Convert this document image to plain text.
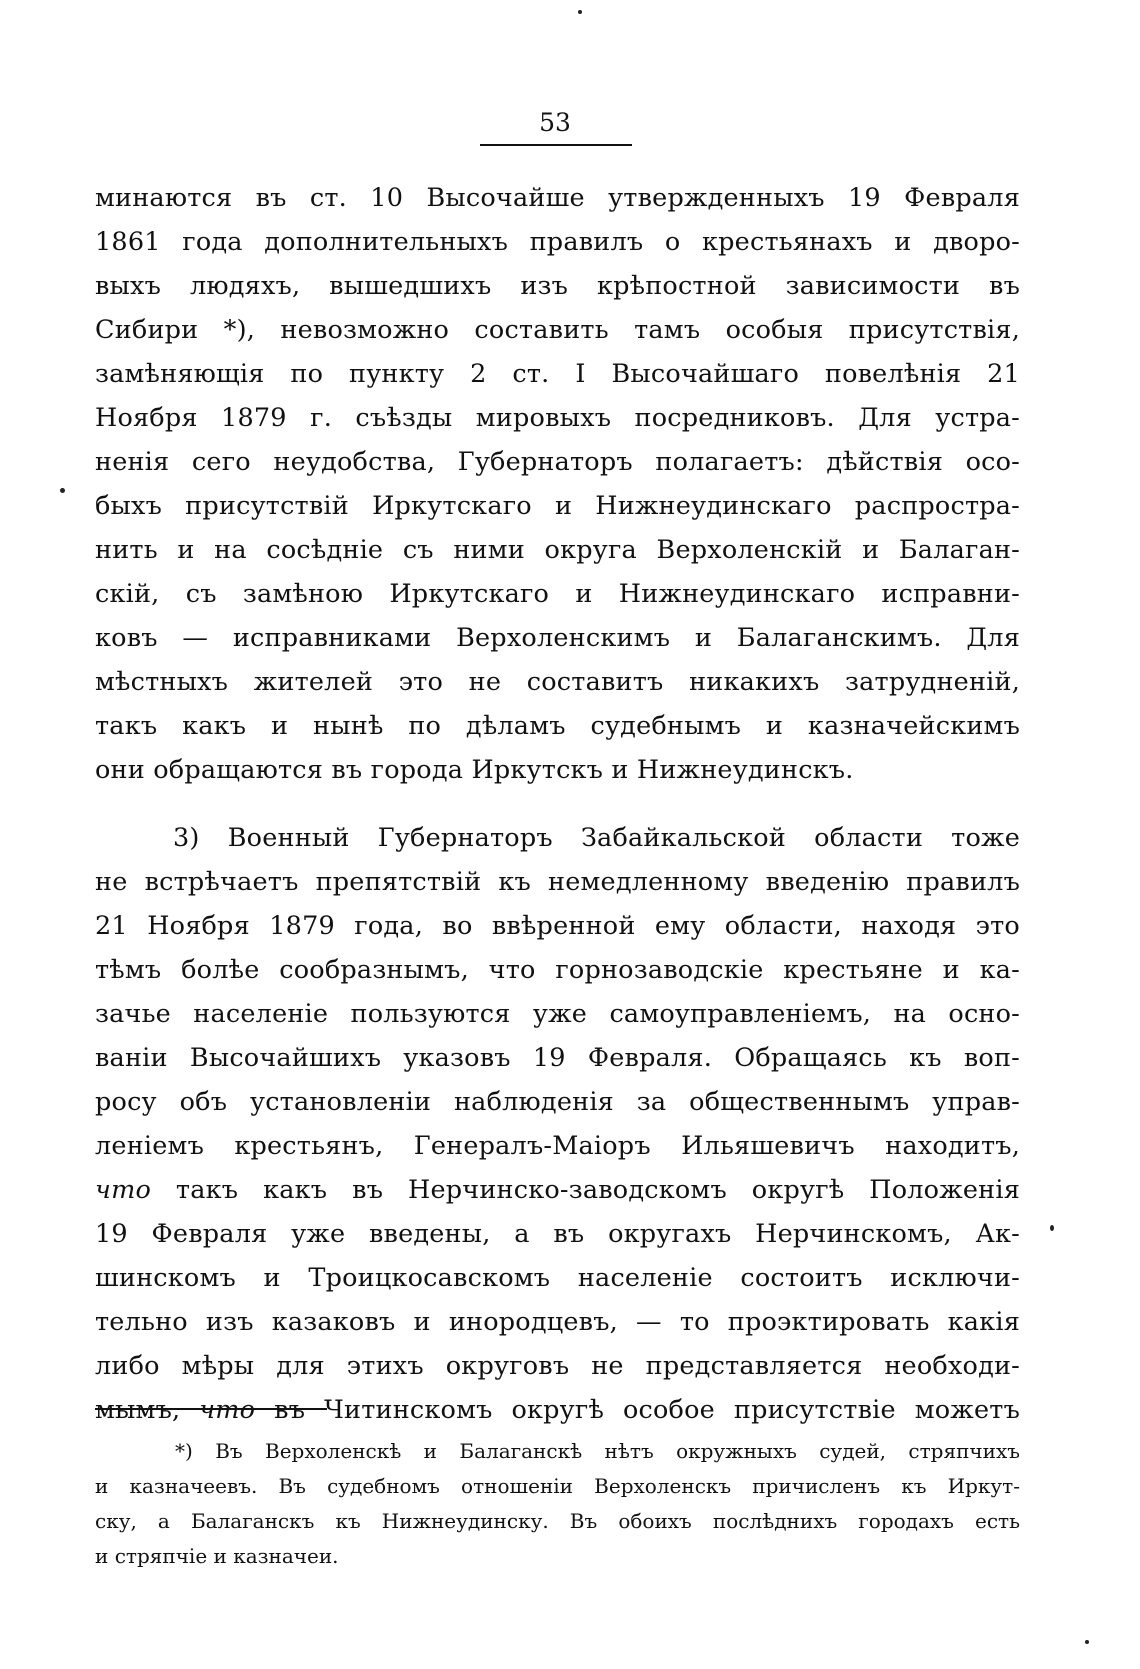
53
минаются въ ст. 10 Высочайше утвержденныхъ 19 Февраля
1861 года дополнительныхъ правилъ о крестьянахъ и дворо-
выхъ людяхъ, вышедшихъ изъ крѣпостной зависимости въ
Сибири *), невозможно составить тамъ особыя присутствія,
замѣняющія по пункту 2 ст. I Высочайшаго повелѣнія 21
Ноября 1879 г. съѣзды мировыхъ посредниковъ. Для устра-
ненія сего неудобства, Губернаторъ полагаетъ: дѣйствія осо-
быхъ присутствій Иркутскаго и Нижнеудинскаго распростра-
нить и на сосѣдніе съ ними округа Верхоленскій и Балаган-
скій, съ замѣною Иркутскаго и Нижнеудинскаго исправни-
ковъ — исправниками Верхоленскимъ и Балаганскимъ. Для
мѣстныхъ жителей это не составитъ никакихъ затрудненій,
такъ какъ и нынѣ по дѣламъ судебнымъ и казначейскимъ
они обращаются въ города Иркутскъ и Нижнеудинскъ.
3) Военный Губернаторъ Забайкальской области тоже
не встрѣчаетъ препятствій къ немедленному введенію правилъ
21 Ноября 1879 года, во ввѣренной ему области, находя это
тѣмъ болѣе сообразнымъ, что горнозаводскіе крестьяне и ка-
зачье населеніе пользуются уже самоуправленіемъ, на осно-
ваніи Высочайшихъ указовъ 19 Февраля. Обращаясь къ воп-
росу объ установленіи наблюденія за общественнымъ управ-
леніемъ крестьянъ, Генералъ-Маіоръ Ильяшевичъ находитъ,
что такъ какъ въ Нерчинско-заводскомъ округѣ Положенія
19 Февраля уже введены, а въ округахъ Нерчинскомъ, Ак-
шинскомъ и Троицкосавскомъ населеніе состоитъ исключи-
тельно изъ казаковъ и инородцевъ, — то проэктировать какія
либо мѣры для этихъ округовъ не представляется необходи-
мымъ, что въ Читинскомъ округѣ особое присутствіе можетъ
*) Въ Верхоленскѣ и Балаганскѣ нѣтъ окружныхъ судей, стряпчихъ
и казначеевъ. Въ судебномъ отношеніи Верхоленскъ причисленъ къ Иркут-
ску, а Балаганскъ къ Нижнеудинску. Въ обоихъ послѣднихъ городахъ есть
и стряпчіе и казначеи.
